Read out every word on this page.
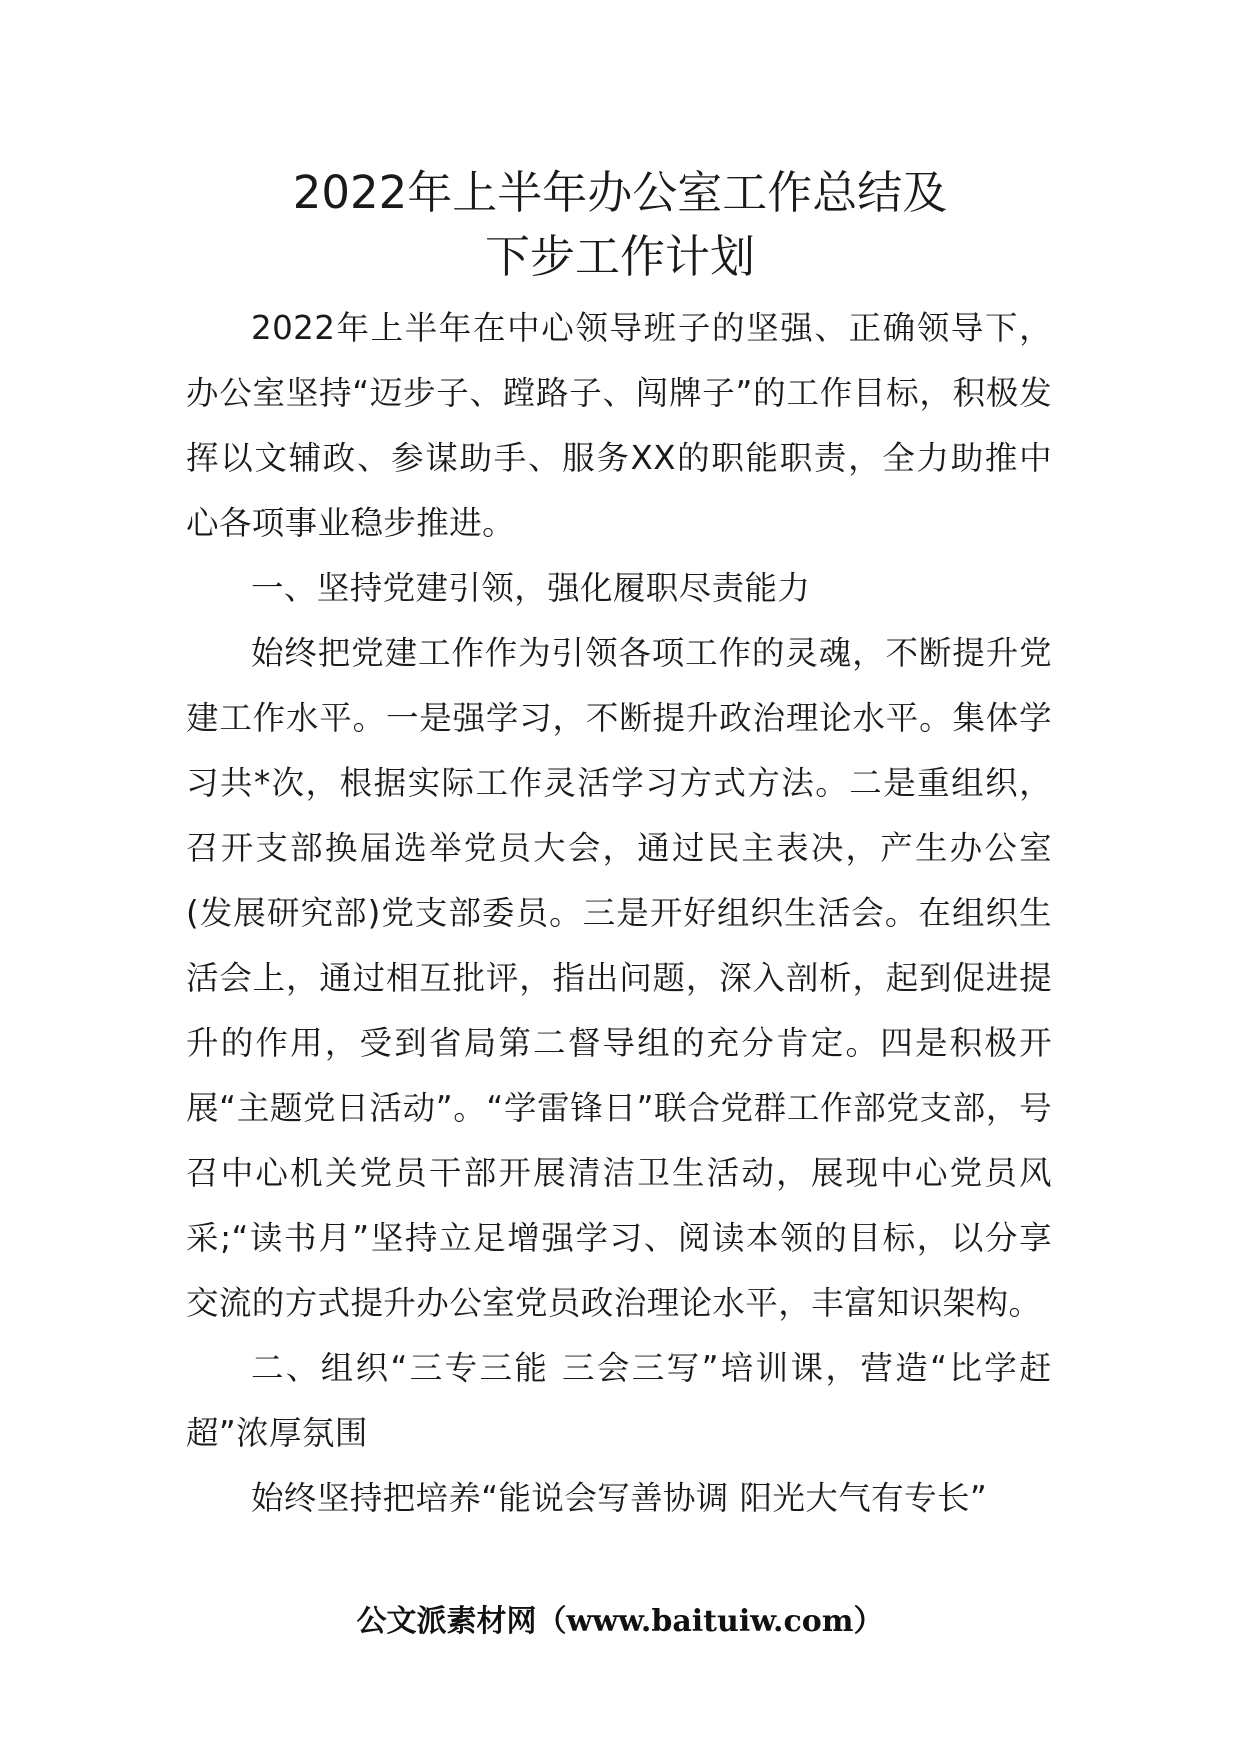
2022年上半年办公室工作总结及
下步工作计划

2022年上半年在中心领导班子的坚强、正确领导下，办公室坚持“迈步子、蹚路子、闯牌子”的工作目标，积极发挥以文辅政、参谋助手、服务XX的职能职责，全力助推中心各项事业稳步推进。

一、坚持党建引领，强化履职尽责能力

始终把党建工作作为引领各项工作的灵魂，不断提升党建工作水平。一是强学习，不断提升政治理论水平。集体学习共*次，根据实际工作灵活学习方式方法。二是重组织，召开支部换届选举党员大会，通过民主表决，产生办公室(发展研究部)党支部委员。三是开好组织生活会。在组织生活会上，通过相互批评，指出问题，深入剖析，起到促进提升的作用，受到省局第二督导组的充分肯定。四是积极开展“主题党日活动”。“学雷锋日”联合党群工作部党支部，号召中心机关党员干部开展清洁卫生活动，展现中心党员风采;“读书月”坚持立足增强学习、阅读本领的目标，以分享交流的方式提升办公室党员政治理论水平，丰富知识架构。

二、组织“三专三能 三会三写”培训课，营造“比学赶超”浓厚氛围

始终坚持把培养“能说会写善协调 阳光大气有专长”

公文派素材网（www.baituiw.com）
